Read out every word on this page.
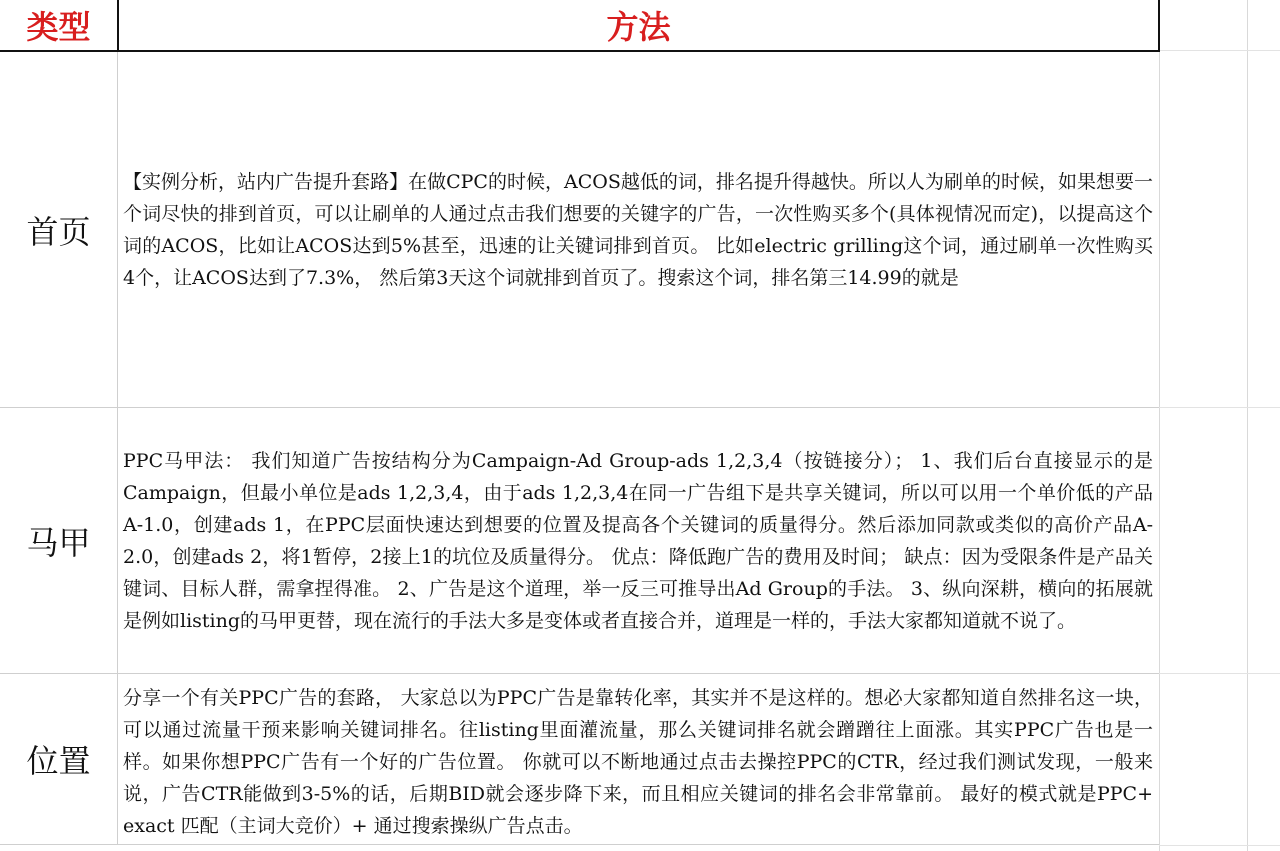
类型	方法
首页

【实例分析，站内广告提升套路】在做CPC的时候，ACOS越低的词，排名提升得越快。所以人为刷单的时候，如果想要一个词尽快的排到首页，可以让刷单的人通过点击我们想要的关键字的广告，一次性购买多个(具体视情况而定)，以提高这个词的ACOS，比如让ACOS达到5%甚至，迅速的让关键词排到首页。 比如electric grilling这个词，通过刷单一次性购买4个，让ACOS达到了7.3%， 然后第3天这个词就排到首页了。搜索这个词，排名第三14.99的就是

马甲

PPC马甲法： 我们知道广告按结构分为Campaign-Ad Group-ads 1,2,3,4（按链接分）； 1、我们后台直接显示的是Campaign，但最小单位是ads 1,2,3,4，由于ads 1,2,3,4在同一广告组下是共享关键词，所以可以用一个单价低的产品A-1.0，创建ads 1，在PPC层面快速达到想要的位置及提高各个关键词的质量得分。然后添加同款或类似的高价产品A-2.0，创建ads 2，将1暂停，2接上1的坑位及质量得分。 优点：降低跑广告的费用及时间； 缺点：因为受限条件是产品关键词、目标人群，需拿捏得准。 2、广告是这个道理，举一反三可推导出Ad Group的手法。 3、纵向深耕，横向的拓展就是例如listing的马甲更替，现在流行的手法大多是变体或者直接合并，道理是一样的，手法大家都知道就不说了。

位置

分享一个有关PPC广告的套路， 大家总以为PPC广告是靠转化率，其实并不是这样的。想必大家都知道自然排名这一块，可以通过流量干预来影响关键词排名。往listing里面灌流量，那么关键词排名就会蹭蹭往上面涨。其实PPC广告也是一样。如果你想PPC广告有一个好的广告位置。 你就可以不断地通过点击去操控PPC的CTR，经过我们测试发现，一般来说，广告CTR能做到3-5%的话，后期BID就会逐步降下来，而且相应关键词的排名会非常靠前。 最好的模式就是PPC+ exact 匹配（主词大竞价）+ 通过搜索操纵广告点击。
